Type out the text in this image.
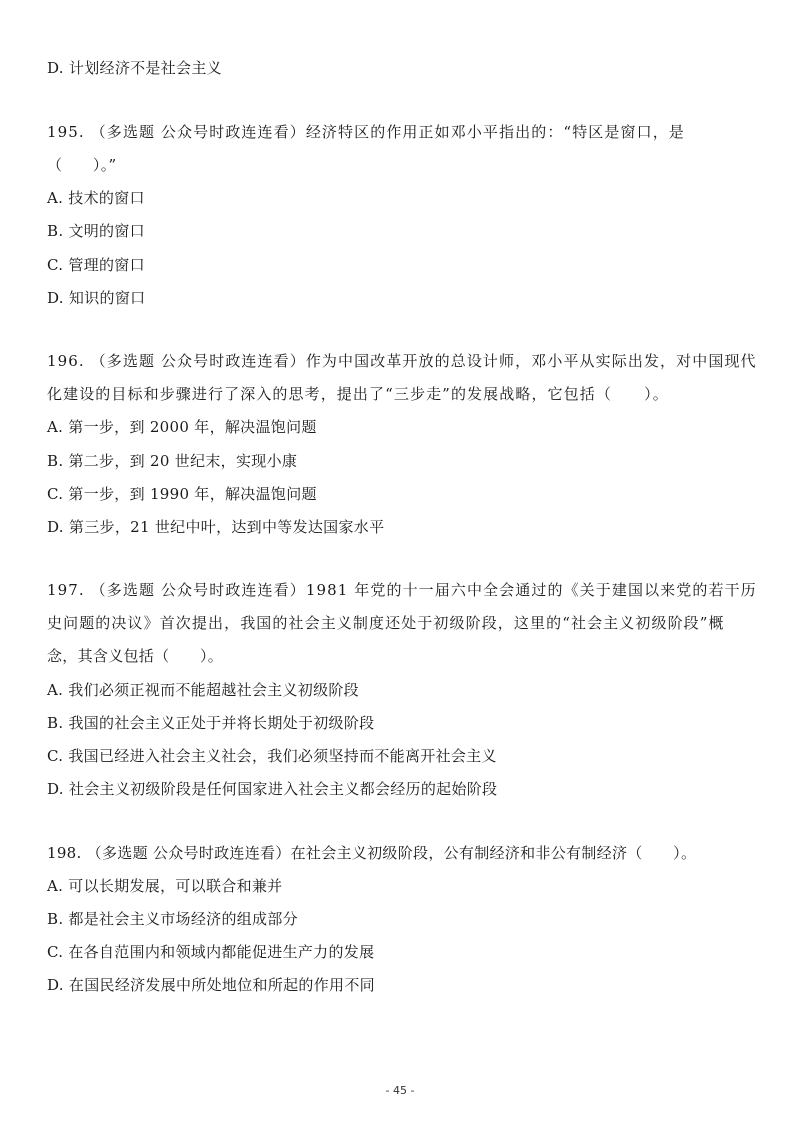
D. 计划经济不是社会主义
195. （多选题 公众号时政连连看）经济特区的作用正如邓小平指出的：“特区是窗口，是
（　　）。”
A. 技术的窗口
B. 文明的窗口
C. 管理的窗口
D. 知识的窗口
196. （多选题 公众号时政连连看）作为中国改革开放的总设计师，邓小平从实际出发，对中国现代
化建设的目标和步骤进行了深入的思考，提出了“三步走”的发展战略，它包括（　　）。
A. 第一步，到 2000 年，解决温饱问题
B. 第二步，到 20 世纪末，实现小康
C. 第一步，到 1990 年，解决温饱问题
D. 第三步，21 世纪中叶，达到中等发达国家水平
197. （多选题 公众号时政连连看）1981 年党的十一届六中全会通过的《关于建国以来党的若干历
史问题的决议》首次提出，我国的社会主义制度还处于初级阶段，这里的“社会主义初级阶段”概
念，其含义包括（　　）。
A. 我们必须正视而不能超越社会主义初级阶段
B. 我国的社会主义正处于并将长期处于初级阶段
C. 我国已经进入社会主义社会，我们必须坚持而不能离开社会主义
D. 社会主义初级阶段是任何国家进入社会主义都会经历的起始阶段
198. （多选题 公众号时政连连看）在社会主义初级阶段，公有制经济和非公有制经济（　　）。
A. 可以长期发展，可以联合和兼并
B. 都是社会主义市场经济的组成部分
C. 在各自范围内和领域内都能促进生产力的发展
D. 在国民经济发展中所处地位和所起的作用不同
- 45 -
